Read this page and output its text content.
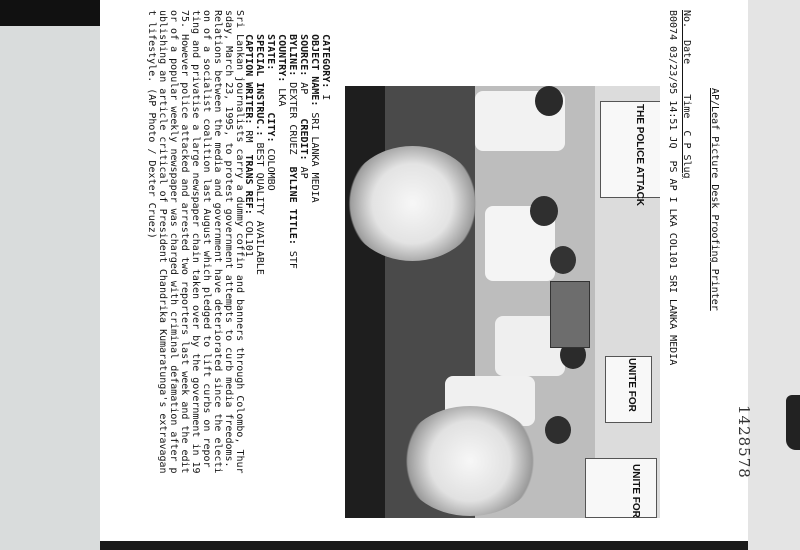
AP/Leaf Picture Desk Proofing Printer
No.  Date     Time  C P Slug
B0074 03/23/95 14:51 JQ  PS AP I LKA COL101 SRI LANKA MEDIA

CATEGORY: I

OBJECT NAME: SRI LANKA MEDIA

SOURCE: AP    CREDIT: AP

BYLINE: DEXTER CRUEZ  BYLINE TITLE: STF

COUNTRY: LKA

STATE:       CITY: COLOMBO

SPECIAL INSTRUC.: BEST QUALITY AVAILABLE

CAPTION WRITER: RM  TRANS REF: COL101

Sri Lankan journalists carry a dummy coffin and banners through Colombo, Thur
sday, March 23, 1995, to protest government attempts to curb media freedoms.
Relations between the media and government have deteriorated since the electi
on of a socialist coalition last August which pledged to lift curbs on repor
ting and privatise a large newspaper chain taken over by the government in 19
75. However police attacked and arrested two reporters last week and the edit
or of a popular weekly newspaper was charged with criminal defamation after p
ublishing an article critical of President Chandrika Kumaratunga's extravagan
t lifestyle. (AP Photo / Dexter Cruez)	THE POLICE ATTACK
UNITE FOR
UNITE FOR
1428578
